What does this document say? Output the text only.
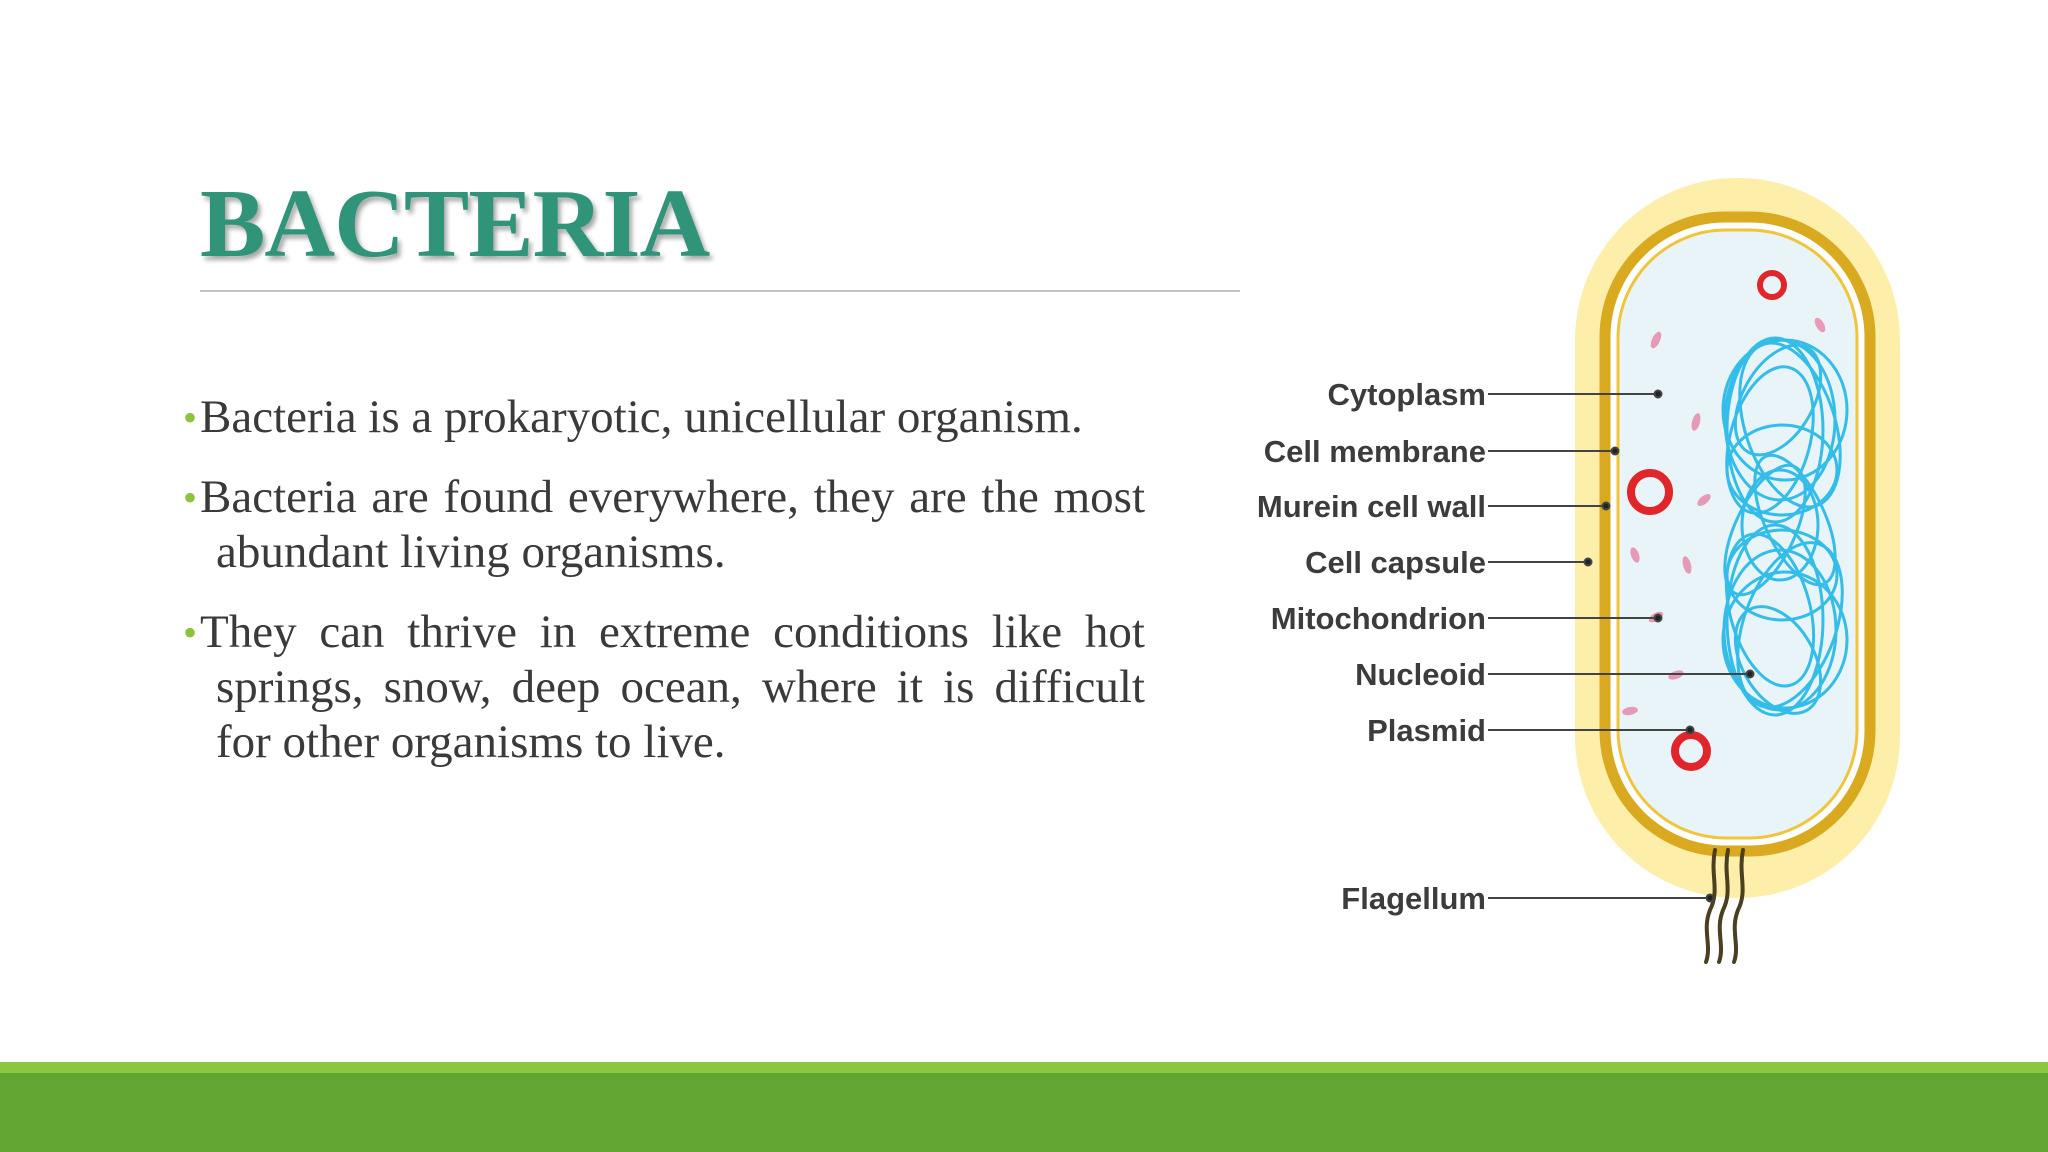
BACTERIA
• Bacteria is a prokaryotic, unicellular organism.
• Bacteria are found everywhere, they are the most abundant living organisms.
• They can thrive in extreme conditions like hot springs, snow, deep ocean, where it is difficult for other organisms to live.
Cytoplasm
Cell membrane
Murein cell wall
Cell capsule
Mitochondrion
Nucleoid
Plasmid
Flagellum
